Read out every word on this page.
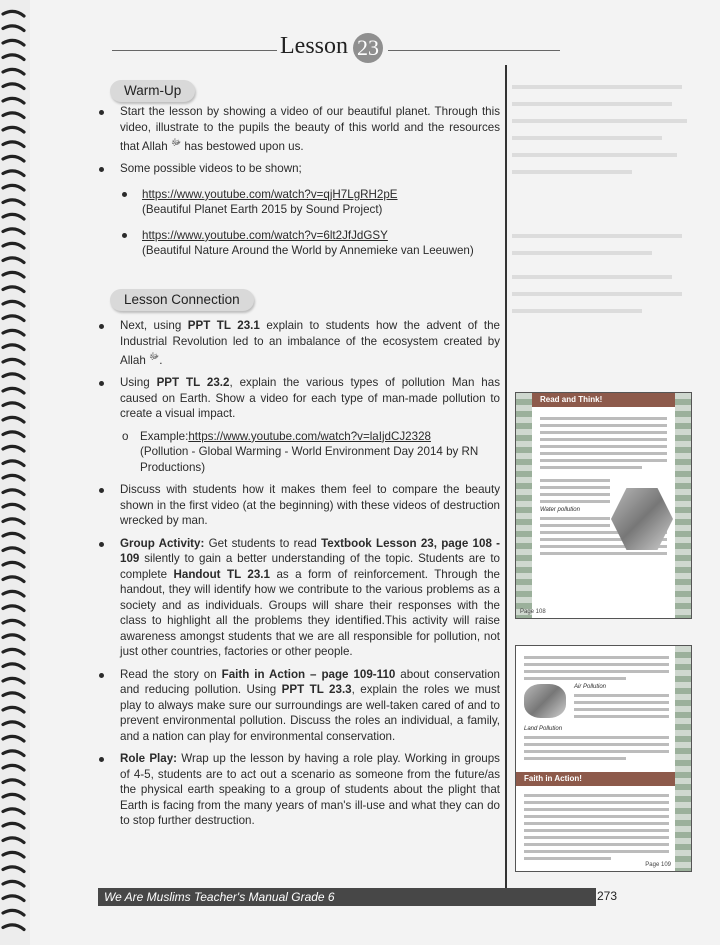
Lesson 23
Warm-Up
Start the lesson by showing a video of our beautiful planet. Through this video, illustrate to the pupils the beauty of this world and the resources that Allah $^ﷻ$ has bestowed upon us.
Some possible videos to be shown;
https://www.youtube.com/watch?v=qjH7LgRH2pE
(Beautiful Planet Earth 2015 by Sound Project)
https://www.youtube.com/watch?v=6lt2JfJdGSY
(Beautiful Nature Around the World by Annemieke van Leeuwen)
Lesson Connection
Next, using PPT TL 23.1 explain to students how the advent of the Industrial Revolution led to an imbalance of the ecosystem created by Allah $^ﷻ$.
Using PPT TL 23.2, explain the various types of pollution Man has caused on Earth. Show a video for each type of man-made pollution to create a visual impact.
o Example:https://www.youtube.com/watch?v=laIjdCJ2328
(Pollution - Global Warming - World Environment Day 2014 by RN Productions)
Discuss with students how it makes them feel to compare the beauty shown in the first video (at the beginning) with these videos of destruction wrecked by man.
Group Activity: Get students to read Textbook Lesson 23, page 108 - 109 silently to gain a better understanding of the topic. Students are to complete Handout TL 23.1 as a form of reinforcement. Through the handout, they will identify how we contribute to the various problems as a society and as individuals. Groups will share their responses with the class to highlight all the problems they identified.This activity will raise awareness amongst students that we are all responsible for pollution, not just other countries, factories or other people.
Read the story on Faith in Action – page 109-110 about conservation and reducing pollution. Using PPT TL 23.3, explain the roles we must play to always make sure our surroundings are well-taken cared of and to prevent environmental pollution. Discuss the roles an individual, a family, and a nation can play for environmental conservation.
Role Play: Wrap up the lesson by having a role play. Working in groups of 4-5, students are to act out a scenario as someone from the future/as the physical earth speaking to a group of students about the plight that Earth is facing from the many years of man's ill-use and what they can do to stop further destruction.
Read and Think!
Water pollution
Page 108
Air Pollution
Land Pollution
Faith in Action!
Page 109
We Are Muslims Teacher's Manual Grade 6	273
